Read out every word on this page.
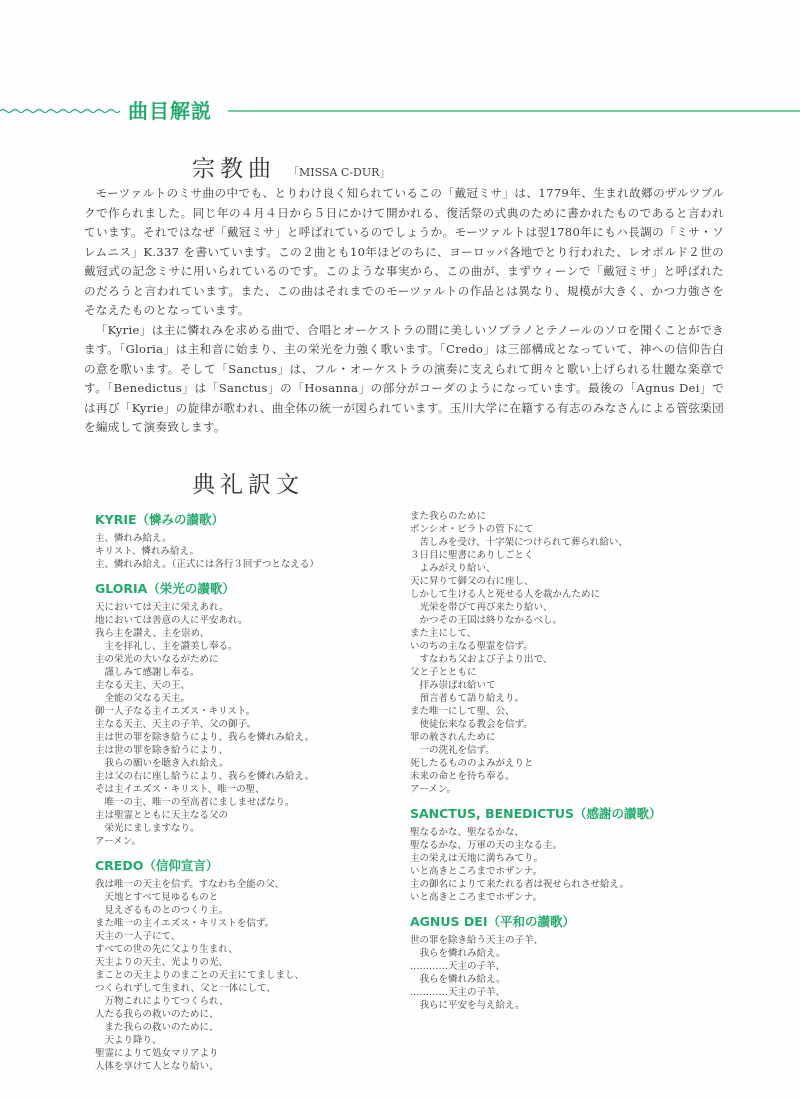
曲目解説
宗教曲 「MISSA C-DUR」

モーツァルトのミサ曲の中でも、とりわけ良く知られているこの「戴冠ミサ」は、1779年、生まれ故郷のザルツブルクで作られました。同じ年の４月４日から５日にかけて開かれる、復活祭の式典のために書かれたものであると言われています。それではなぜ「戴冠ミサ」と呼ばれているのでしょうか。モーツァルトは翌1780年にもハ長調の「ミサ・ソレムニス」K.337 を書いています。この２曲とも10年ほどのちに、ヨーロッパ各地でとり行われた、レオポルド２世の戴冠式の記念ミサに用いられているのです。このような事実から、この曲が、まずウィーンで「戴冠ミサ」と呼ばれたのだろうと言われています。また、この曲はそれまでのモーツァルトの作品とは異なり、規模が大きく、かつ力強さをそなえたものとなっています。

「Kyrie」は主に憐れみを求める曲で、合唱とオーケストラの間に美しいソプラノとテノールのソロを聞くことができます。「Gloria」は主和音に始まり、主の栄光を力強く歌います。「Credo」は三部構成となっていて、神への信仰告白の意を歌います。そして「Sanctus」は、フル・オーケストラの演奏に支えられて朗々と歌い上げられる壮麗な楽章です。「Benedictus」は「Sanctus」の「Hosanna」の部分がコーダのようになっています。最後の「Agnus Dei」では再び「Kyrie」の旋律が歌われ、曲全体の統一が図られています。玉川大学に在籍する有志のみなさんによる管弦楽団を編成して演奏致します。

典礼訳文
KYRIE（憐みの讃歌）
主、憐れみ給え。
キリスト、憐れみ給え。
主、憐れみ給え。（正式には各行３回ずつとなえる）
GLORIA（栄光の讃歌）
天においては天主に栄えあれ。
地においては善意の人に平安あれ。
我ら主を讃え、主を崇め、
主を拝礼し、主を讃美し奉る。
主の栄光の大いなるがために
謹しみて感謝し奉る。
主なる天主、天の王、
全能の父なる天主。
御一人子なる主イエズス・キリスト。
主なる天主、天主の子羊、父の御子。
主は世の罪を除き給うにより、我らを憐れみ給え。
主は世の罪を除き給うにより、
我らの願いを聴き入れ給え。
主は父の右に座し給うにより、我らを憐れみ給え。
そは主イエズス・キリスト、唯一の聖、
唯一の主、唯一の至高者にましませばなり。
主は聖霊とともに天主なる父の
栄光にましますなり。
アーメン。
CREDO（信仰宣言）
我は唯一の天主を信ず。すなわち全能の父、
天地とすべて見ゆるものと
見えざるものとのつくり主。
また唯一の主イエズス・キリストを信ず。
天主の一人子にて、
すべての世の先に父より生まれ、
天主よりの天主、光よりの光、
まことの天主よりのまことの天主にてましまし、
つくられずして生まれ、父と一体にして、
万物これによりてつくられ、
人たる我らの救いのために、
また我らの救いのために、
天より降り、
聖霊によりて処女マリアより
人体を享けて人となり給い、
また我らのために
ポンシオ・ピラトの管下にて
苦しみを受け、十字架につけられて葬られ給い、
３日目に聖書にありしごとく
よみがえり給い、
天に昇りて御父の右に座し、
しかして生ける人と死せる人を裁かんために
光栄を帯びて再び来たり給い、
かつその王国は終りなかるべし。
また主にして、
いのちの主なる聖霊を信ず。
すなわち父および子より出で、
父と子とともに
拝み崇ばれ給いて
預言者もて語り給えり。
また唯一にして聖、公、
使徒伝来なる教会を信ず。
罪の赦されんために
一の洗礼を信ず。
死したるもののよみがえりと
未来の命とを待ち奉る。
アーメン。
SANCTUS, BENEDICTUS（感謝の讃歌）
聖なるかな、聖なるかな、
聖なるかな、万軍の天の主なる主。
主の栄えは天地に満ちみてり。
いと高きところまでホザンナ。
主の御名によりて来たれる者は祝せられさせ給え。
いと高きところまでホザンナ。
AGNUS DEI（平和の讃歌）
世の罪を除き給う天主の子羊、
我らを憐れみ給え。
…………天主の子羊、
我らを憐れみ給え。
…………天主の子羊、
我らに平安を与え給え。
